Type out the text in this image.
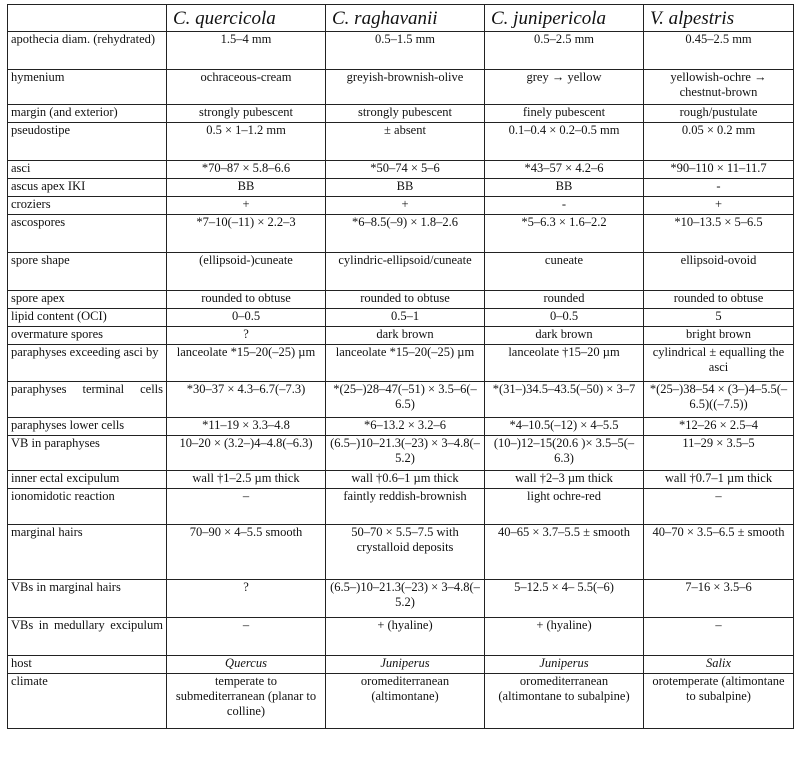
	C. quercicola	C. raghavanii	C. junipericola	V. alpestris
apothecia diam. (rehydrated)	1.5–4 mm	0.5–1.5 mm	0.5–2.5 mm	0.45–2.5 mm
hymenium	ochraceous-cream	greyish-brownish-olive	grey → yellow	yellowish-ochre → chestnut-brown
margin (and exterior)	strongly pubescent	strongly pubescent	finely pubescent	rough/pustulate
pseudostipe	0.5 × 1–1.2 mm	± absent	0.1–0.4 × 0.2–0.5 mm	0.05 × 0.2 mm
asci	*70–87 × 5.8–6.6	*50–74 × 5–6	*43–57 × 4.2–6	*90–110 × 11–11.7
ascus apex IKI	BB	BB	BB	-
croziers	+	+	-	+
ascospores	*7–10(–11) × 2.2–3	*6–8.5(–9) × 1.8–2.6	*5–6.3 × 1.6–2.2	*10–13.5 × 5–6.5
spore shape	(ellipsoid-)cuneate	cylindric-ellipsoid/cuneate	cuneate	ellipsoid-ovoid
spore apex	rounded to obtuse	rounded to obtuse	rounded	rounded to obtuse
lipid content (OCI)	0–0.5	0.5–1	0–0.5	5
overmature spores	?	dark brown	dark brown	bright brown
paraphyses exceeding asci by	lanceolate *15–20(–25) µm	lanceolate *15–20(–25) µm	lanceolate †15–20 µm	cylindrical ± equalling the asci
paraphyses terminal cells	*30–37 × 4.3–6.7(–7.3)	*(25–)28–47(–51) × 3.5–6(–6.5)	*(31–)34.5–43.5(–50) × 3–7	*(25–)38–54 × (3–)4–5.5(–6.5)((–7.5))
paraphyses lower cells	*11–19 × 3.3–4.8	*6–13.2 × 3.2–6	*4–10.5(–12) × 4–5.5	*12–26 × 2.5–4
VB in paraphyses	10–20 × (3.2–)4–4.8(–6.3)	(6.5–)10–21.3(–23) × 3–4.8(–5.2)	(10–)12–15(20.6 )× 3.5–5(–6.3)	11–29 × 3.5–5
inner ectal excipulum	wall †1–2.5 µm thick	wall †0.6–1 µm thick	wall †2–3 µm thick	wall †0.7–1 µm thick
ionomidotic reaction	–	faintly reddish-brownish	light ochre-red	–
marginal hairs	70–90 × 4–5.5 smooth	50–70 × 5.5–7.5 with crystalloid deposits	40–65 × 3.7–5.5 ± smooth	40–70 × 3.5–6.5 ± smooth
VBs in marginal hairs	?	(6.5–)10–21.3(–23) × 3–4.8(–5.2)	5–12.5 × 4– 5.5(–6)	7–16 × 3.5–6
VBs in medullary excipulum	–	+ (hyaline)	+ (hyaline)	–
host	Quercus	Juniperus	Juniperus	Salix
climate	temperate to submediterranean (planar to colline)	oromediterranean (altimontane)	oromediterranean (altimontane to subalpine)	orotemperate (altimontane to subalpine)
